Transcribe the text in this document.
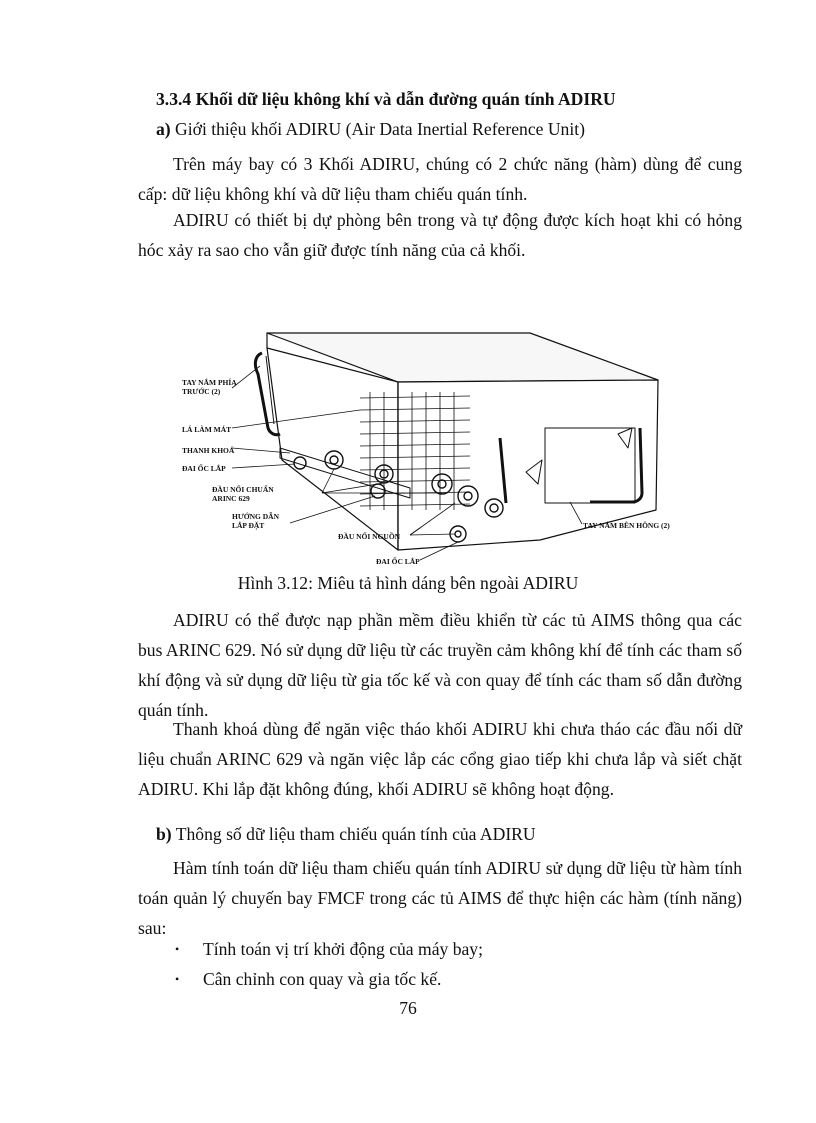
3.3.4 Khối dữ liệu không khí và dẫn đường quán tính ADIRU

a) Giới thiệu khối ADIRU (Air Data Inertial Reference Unit)

Trên máy bay có 3 Khối ADIRU, chúng có 2 chức năng (hàm) dùng để cung cấp: dữ liệu không khí và dữ liệu tham chiếu quán tính.

ADIRU có thiết bị dự phòng bên trong và tự động được kích hoạt khi có hỏng hóc xảy ra sao cho vẫn giữ được tính năng của cả khối.

TAY NẮM PHÍA
TRƯỚC (2)
LÁ LÀM MÁT
THANH KHOÁ
ĐAI ỐC LẮP
ĐẦU NỐI CHUẨN
ARINC 629
HƯỚNG DẪN
LẮP ĐẶT
ĐẦU NỐI NGUỒN
ĐAI ỐC LẮP
TAY NẮM BÊN HÔNG (2)

Hình 3.12: Miêu tả hình dáng bên ngoài ADIRU

ADIRU có thể được nạp phần mềm điều khiển từ các tủ AIMS thông qua các bus ARINC 629. Nó sử dụng dữ liệu từ các truyền cảm không khí để tính các tham số khí động và sử dụng dữ liệu từ gia tốc kế và con quay để tính các tham số dẫn đường quán tính.

Thanh khoá dùng để ngăn việc tháo khối ADIRU khi chưa tháo các đầu nối dữ liệu chuẩn ARINC 629 và ngăn việc lắp các cổng giao tiếp khi chưa lắp và siết chặt ADIRU. Khi lắp đặt không đúng, khối ADIRU sẽ không hoạt động.

b) Thông số dữ liệu tham chiếu quán tính của ADIRU

Hàm tính toán dữ liệu tham chiếu quán tính ADIRU sử dụng dữ liệu từ hàm tính toán quản lý chuyến bay FMCF trong các tủ AIMS để thực hiện các hàm (tính năng) sau:

• Tính toán vị trí khởi động của máy bay;

• Cân chỉnh con quay và gia tốc kế.

76
